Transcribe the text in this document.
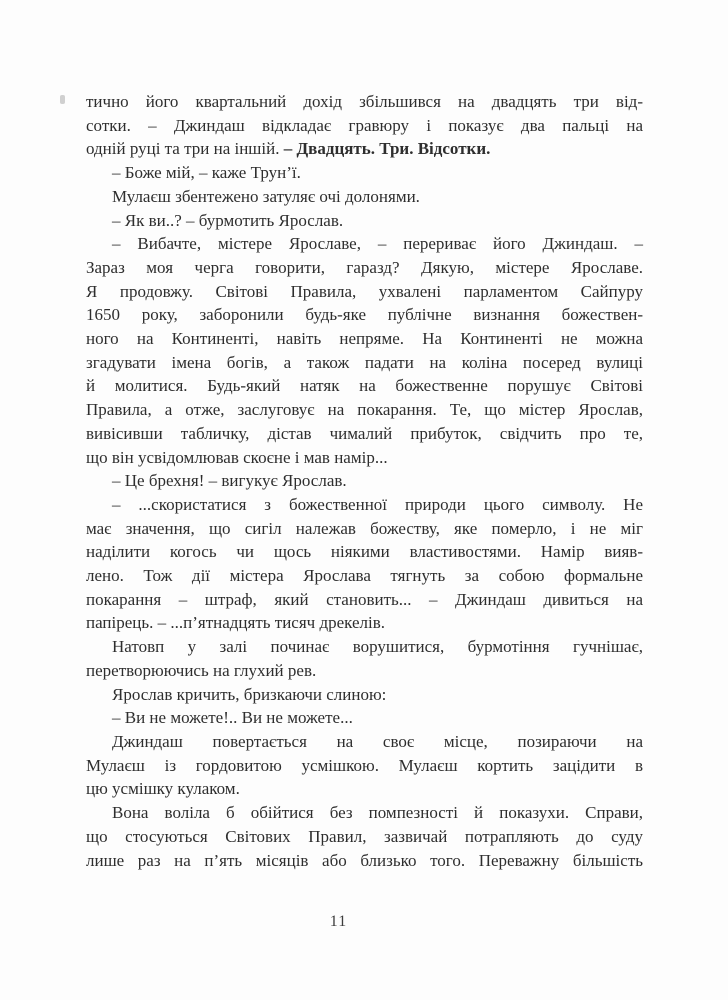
тично його квартальний дохід збільшився на двадцять три від-
сотки. – Джиндаш відкладає гравюру і показує два пальці на
одній руці та три на іншій. – Двадцять. Три. Відсотки.
– Боже мій, – каже Трун’ї.
Мулаєш збентежено затуляє очі долонями.
– Як ви..? – бурмотить Ярослав.
– Вибачте, містере Ярославе, – перериває його Джиндаш. –
Зараз моя черга говорити, гаразд? Дякую, містере Ярославе.
Я продовжу. Світові Правила, ухвалені парламентом Сайпуру
1650 року, заборонили будь-яке публічне визнання божествен-
ного на Континенті, навіть непряме. На Континенті не можна
згадувати імена богів, а також падати на коліна посеред вулиці
й молитися. Будь-який натяк на божественне порушує Світові
Правила, а отже, заслуговує на покарання. Те, що містер Ярослав,
вивісивши табличку, дістав чималий прибуток, свідчить про те,
що він усвідомлював скоєне і мав намір...
– Це брехня! – вигукує Ярослав.
– ...скористатися з божественної природи цього символу. Не
має значення, що сигіл належав божеству, яке померло, і не міг
наділити когось чи щось ніякими властивостями. Намір вияв-
лено. Тож дії містера Ярослава тягнуть за собою формальне
покарання – штраф, який становить... – Джиндаш дивиться на
папірець. – ...п’ятнадцять тисяч дрекелів.
Натовп у залі починає ворушитися, бурмотіння гучнішає,
перетворюючись на глухий рев.
Ярослав кричить, бризкаючи слиною:
– Ви не можете!.. Ви не можете...
Джиндаш повертається на своє місце, позираючи на
Мулаєш із гордовитою усмішкою. Мулаєш кортить зацідити в
цю усмішку кулаком.
Вона воліла б обійтися без помпезності й показухи. Справи,
що стосуються Світових Правил, зазвичай потрапляють до суду
лише раз на п’ять місяців або близько того. Переважну більшість
11
